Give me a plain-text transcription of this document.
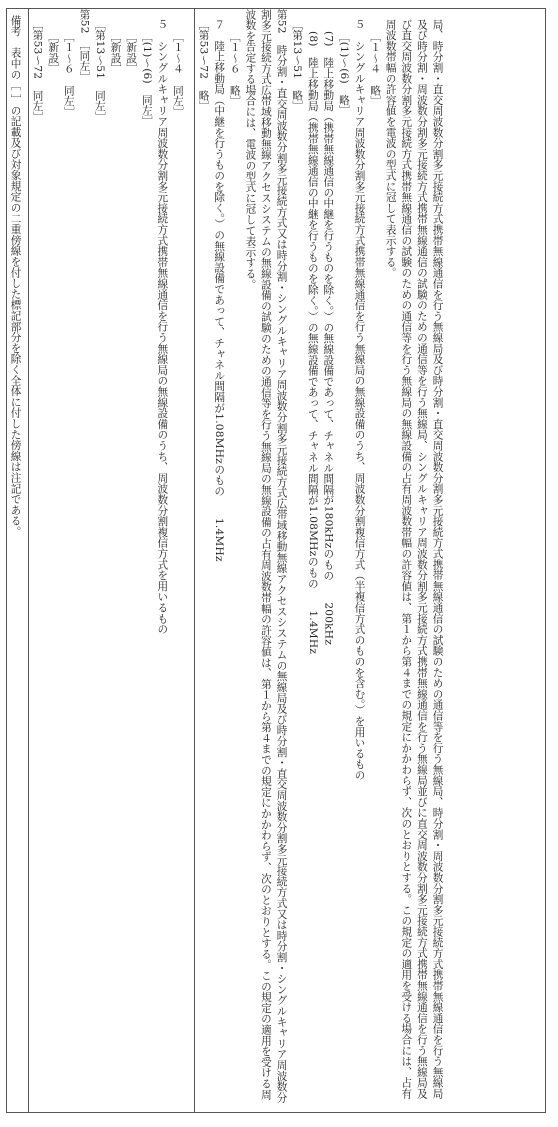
局、時分割・直交周波数分割多元接続方式携帯無線通信を行う無線局及び時分割・直交周波数分割多元接続方式携帯無線通信の試験のための通信等を行う無線局、時分割・周波数分割多元接続方式携帯無線通信を行う無線局及び時分割・周波数分割多元接続方式携帯無線通信の試験のための通信等を行う無線局、シングルキャリア周波数分割多元接続方式携帯無線通信を行う無線局並びに直交周波数分割多元接続方式携帯無線通信を行う無線局及び直交周波数分割多元接続方式携帯無線通信の試験のための通信等を行う無線局の無線設備の占有周波数帯幅の許容値は、第１から第４までの規定にかかわらず、次のとおりとする。この規定の適用を受ける場合には、占有周波数帯幅の許容値を電波の型式に冠して表示する。

［１～４　略］

５　シングルキャリア周波数分割多元接続方式携帯無線通信を行う無線局の無線設備のうち、周波数分割複信方式（半複信方式のものを含む。）を用いるもの

［(1)～(6)　略］

(7)　陸上移動局（携帯無線通信の中継を行うものを除く。）の無線設備であって、チャネル間隔が180kHzのもの　　200kHz

(8)　陸上移動局（携帯無線通信の中継を行うものを除く。）の無線設備であって、チャネル間隔が1.08MHzのもの　　1.4MHz

［第13～51　略］

第52　時分割・直交周波数分割多元接続方式又は時分割・シングルキャリア周波数分割多元接続方式広帯域移動無線アクセスシステムの無線局及び時分割・直交周波数分割多元接続方式又は時分割・シングルキャリア周波数分割多元接続方式広帯域移動無線アクセスシステムの無線設備の試験のための通信等を行う無線局の無線設備の占有周波数帯幅の許容値は、第１から第４までの規定にかかわらず、次のとおりとする。この規定の適用を受ける周波数を告定する場合には、電波の型式に冠して表示する。

［１～６　略］

７　陸上移動局（中継を行うものを除く。）の無線設備であって、チャネル間隔が1.08MHzのもの　　1.4MHz

［第53～72　略］

［１～４　同左］

５　シングルキャリア周波数分割多元接続方式携帯無線通信を行う無線局の無線設備のうち、周波数分割複信方式を用いるもの

［(1)～(6)　同左］

［新設］

［新設］

［第13～51　同左］

第52　［同左］

［１～６　同左］

［新設］

［第53～72　同左］

備考　表中の［ ］の記載及び対象規定の二重傍線を付した標記部分を除く全体に付した傍線は注記である。
